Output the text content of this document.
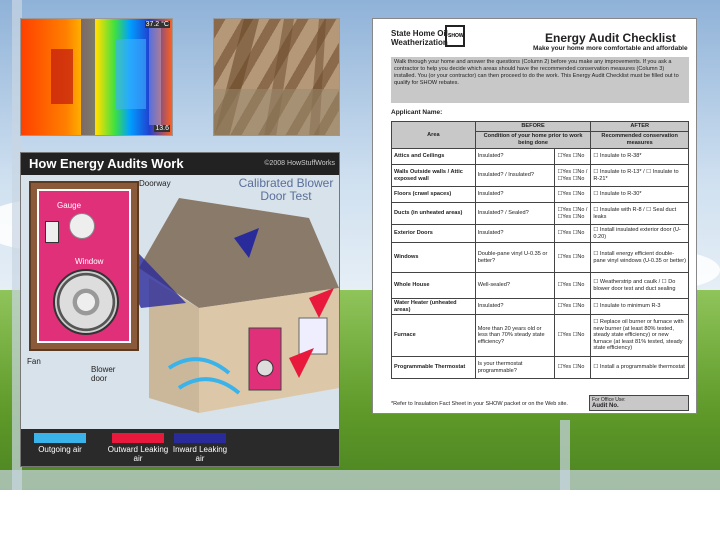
37.2 °C
13.6
How Energy Audits Work	©2008 HowStuffWorks
Calibrated Blower Door Test
Doorway
Gauge
Window
Fan
Blower door
Outgoing air	Outward Leaking air
Inward Leaking air
State Home Oil Weatherization
SHOW	Energy Audit Checklist
Make your home more comfortable and affordable
Walk through your home and answer the questions (Column 2) before you make any improvements. If you ask a contractor to help you decide which areas should have the recommended conservation measures (Column 3) installed. You (or your contractor) can then proceed to do the work. This Energy Audit Checklist must be filled out to qualify for SHOW rebates.
Applicant Name:
Area	BEFORE		AFTER
	Condition of your home prior to work being done		Recommended conservation measures
Attics and Ceilings	Insulated?	☐Yes ☐No	☐ Insulate to R-38*
Walls Outside walls / Attic exposed wall	Insulated? / Insulated?	☐Yes ☐No / ☐Yes ☐No	☐ Insulate to R-13* / ☐ Insulate to R-21*
Floors (crawl spaces)	Insulated?	☐Yes ☐No	☐ Insulate to R-30*
Ducts (in unheated areas)	Insulated? / Sealed?	☐Yes ☐No / ☐Yes ☐No	☐ Insulate with R-8 / ☐ Seal duct leaks
Exterior Doors	Insulated?	☐Yes ☐No	☐ Install insulated exterior door (U-0.20)
Windows	Double-pane vinyl U-0.35 or better?	☐Yes ☐No	☐ Install energy efficient double-pane vinyl windows (U-0.35 or better)
Whole House	Well-sealed?	☐Yes ☐No	☐ Weatherstrip and caulk / ☐ Do blower door test and duct sealing
Water Heater (unheated areas)	Insulated?	☐Yes ☐No	☐ Insulate to minimum R-3
Furnace	More than 20 years old or less than 70% steady state efficiency?	☐Yes ☐No	☐ Replace oil burner or furnace with new burner (at least 80% tested, steady state efficiency) or new furnace (at least 81% tested, steady state efficiency)
Programmable Thermostat	Is your thermostat programmable?	☐Yes ☐No	☐ Install a programmable thermostat
*Refer to Insulation Fact Sheet in your SHOW packet or on the Web site.
For Office Use:
Audit No.
